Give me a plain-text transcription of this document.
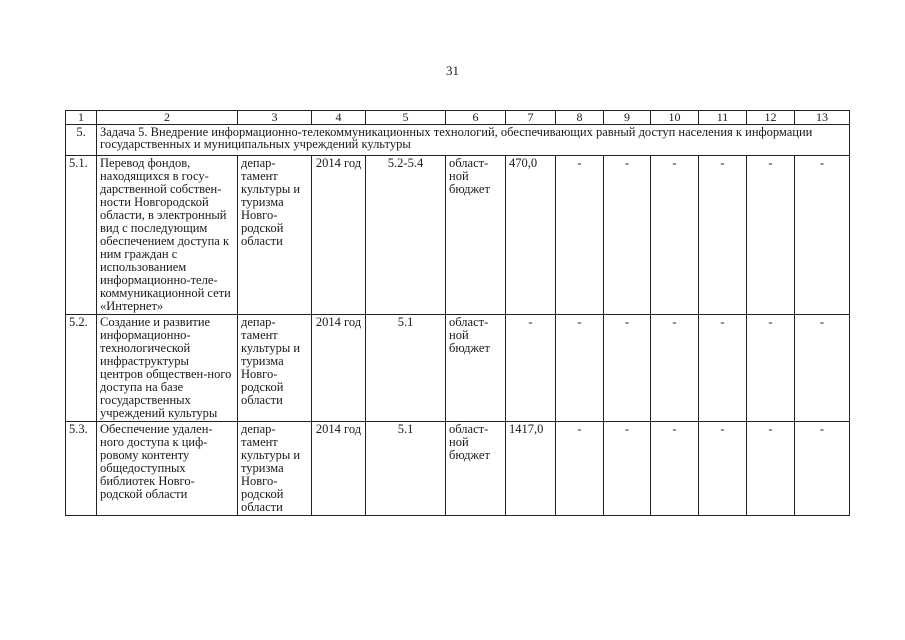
31
1	2	3	4	5	6	7	8	9	10	11	12	13
5.	Задача 5. Внедрение информационно-телекоммуникационных технологий, обеспечивающих равный доступ населения к информации государственных и муниципальных учреждений культуры											
5.1.	Перевод фондов, находящихся в госу-дарственной собствен-ности Новгородской области, в электронный вид с последующим обеспечением доступа к ним граждан с использованием информационно-теле-коммуникационной сети «Интернет»	депар-тамент культуры и туризма Новго-родской области	2014 год	5.2-5.4	област-ной бюджет	470,0	-	-	-	-	-	-
5.2.	Создание и развитие информационно-технологической инфраструктуры центров обществен-ного доступа на базе государственных учреждений культуры	депар-тамент культуры и туризма Новго-родской области	2014 год	5.1	област-ной бюджет	-	-	-	-	-	-	-
5.3.	Обеспечение удален-ного доступа к циф-ровому контенту общедоступных библиотек Новго-родской области	депар-тамент культуры и туризма Новго-родской области	2014 год	5.1	област-ной бюджет	1417,0	-	-	-	-	-	-
